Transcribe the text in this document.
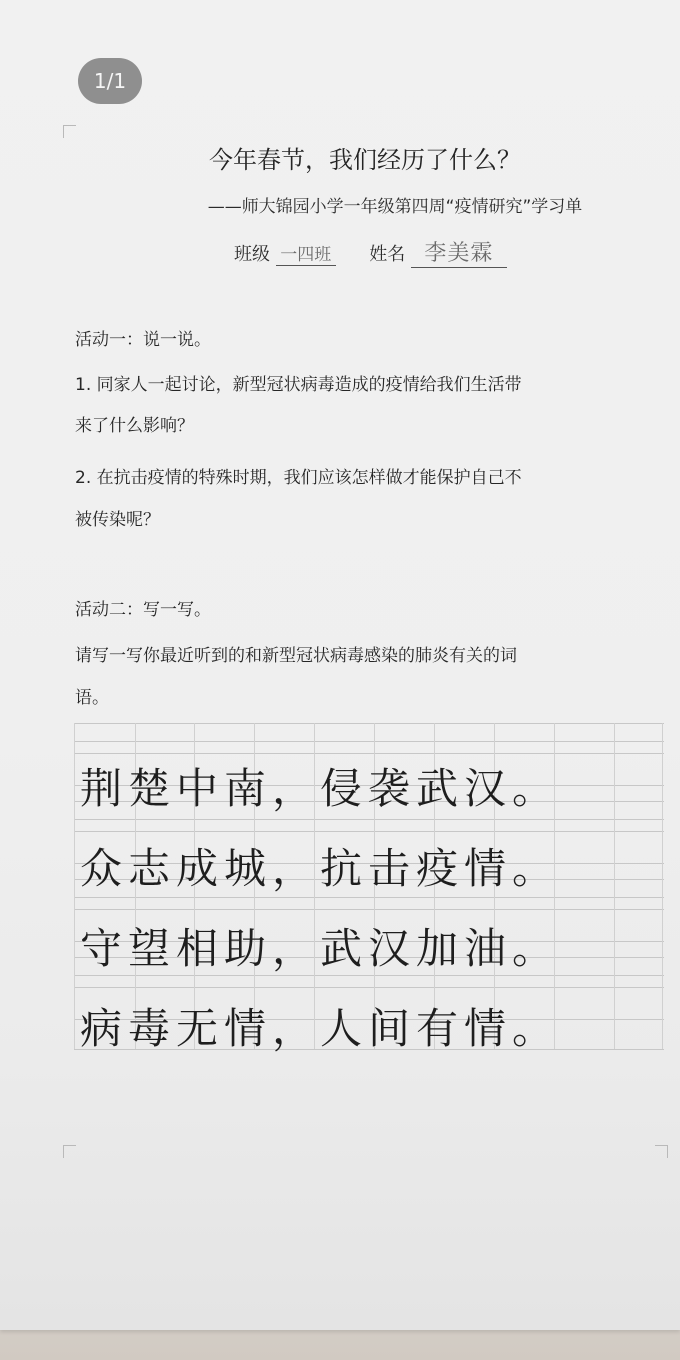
1/1
今年春节，我们经历了什么？
——师大锦园小学一年级第四周“疫情研究”学习单
班级 一四班 姓名 李美霖
活动一：说一说。
1. 同家人一起讨论，新型冠状病毒造成的疫情给我们生活带
来了什么影响？
2. 在抗击疫情的特殊时期，我们应该怎样做才能保护自己不
被传染呢？
活动二：写一写。
请写一写你最近听到的和新型冠状病毒感染的肺炎有关的词
语。
荆楚中南，侵袭武汉。
众志成城，抗击疫情。
守望相助，武汉加油。
病毒无情，人间有情。
